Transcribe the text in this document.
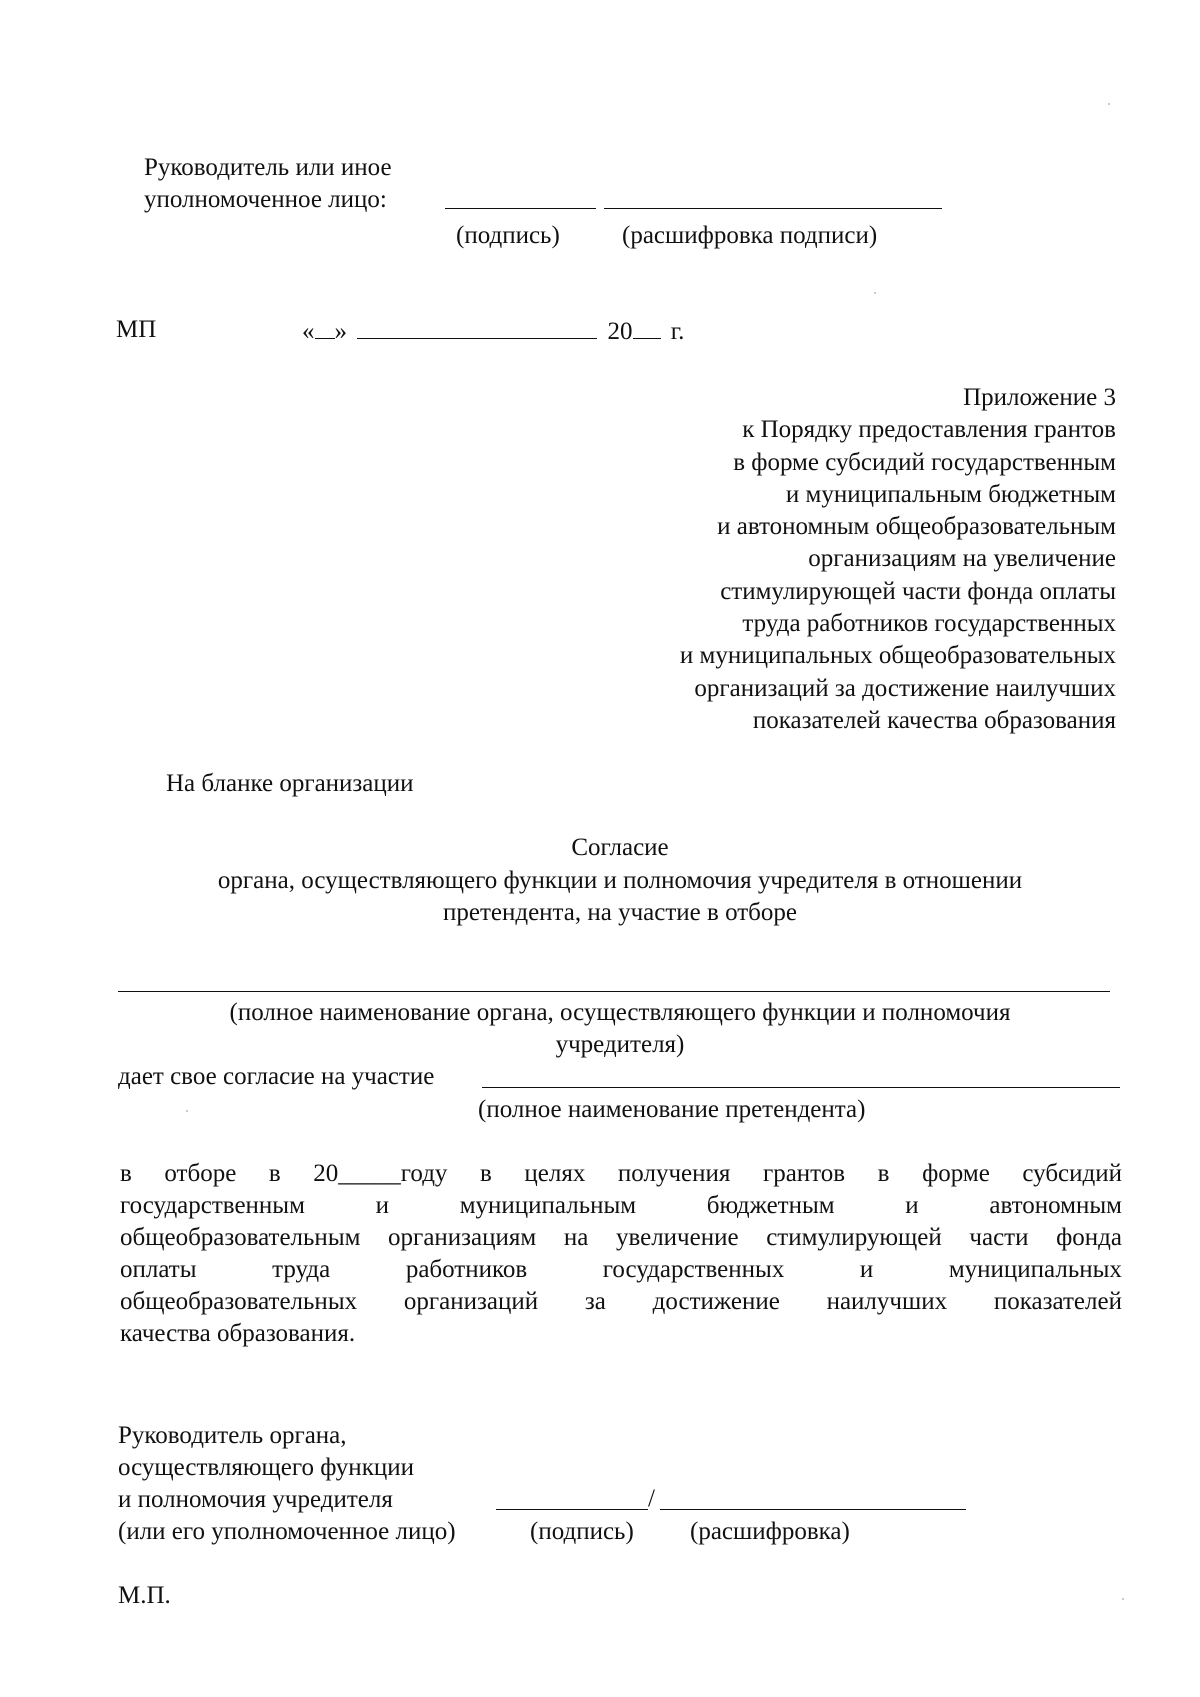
Руководитель или иное
уполномоченное лицо:
(подпись) (расшифровка подписи)
МП	« »	20 г.
Приложение 3
к Порядку предоставления грантов
в форме субсидий государственным
и муниципальным бюджетным
и автономным общеобразовательным
организациям на увеличение
стимулирующей части фонда оплаты
труда работников государственных
и муниципальных общеобразовательных
организаций за достижение наилучших
показателей качества образования
На бланке организации
Согласие
органа, осуществляющего функции и полномочия учредителя в отношении
претендента, на участие в отборе
(полное наименование органа, осуществляющего функции и полномочия
учредителя)
дает свое согласие на участие
(полное наименование претендента)
в отборе в 20_____году в целях получения грантов в форме субсидий
государственным	и	муниципальным	бюджетным	и	автономным
общеобразовательным организациям на увеличение стимулирующей части фонда
оплаты	труда	работников	государственных	и	муниципальных
общеобразовательных организаций за достижение наилучших показателей
качества образования.
Руководитель органа,
осуществляющего функции
и полномочия учредителя
(или его уполномоченное лицо)
/
(подпись) (расшифровка)
М.П.
